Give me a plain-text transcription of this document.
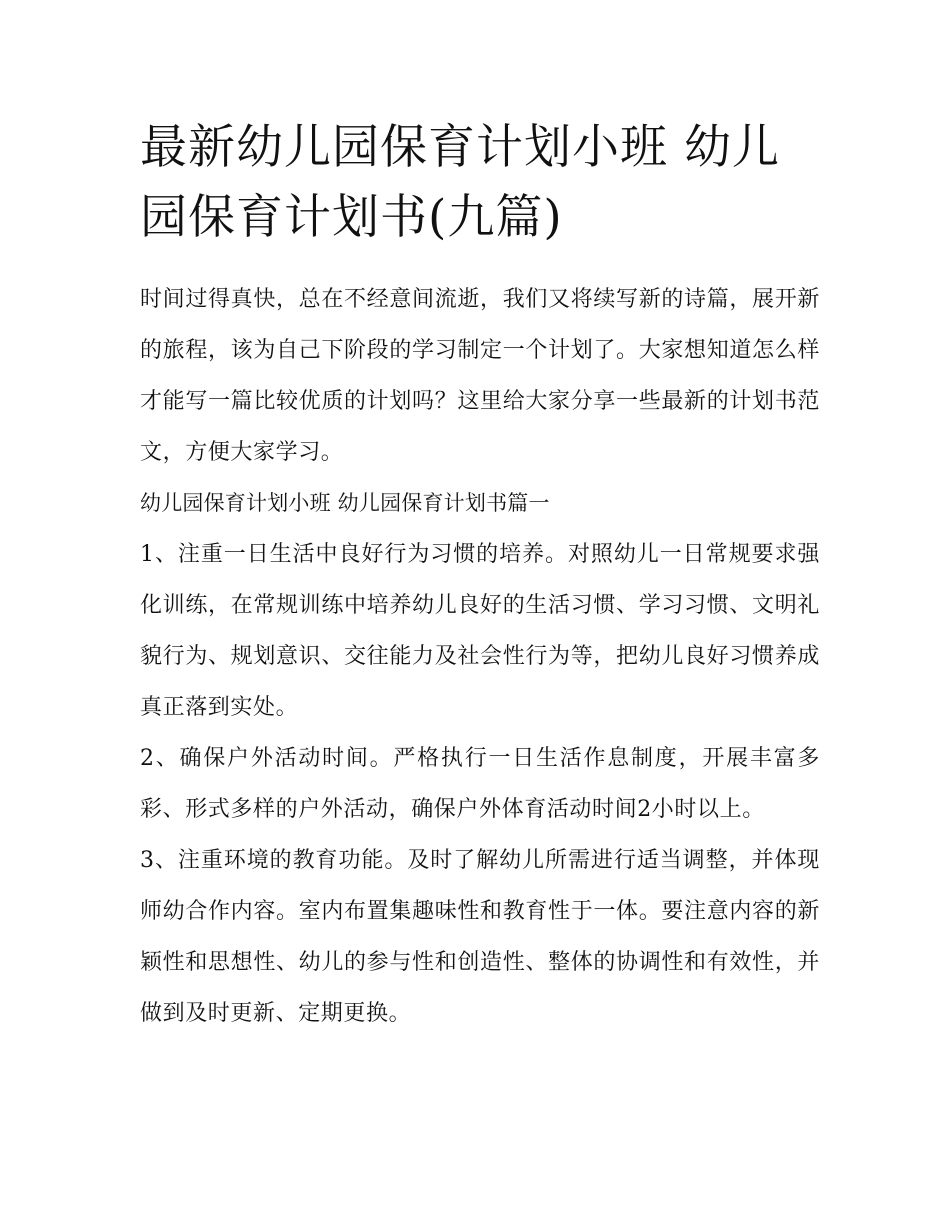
最新幼儿园保育计划小班 幼儿园保育计划书(九篇)

时间过得真快，总在不经意间流逝，我们又将续写新的诗篇，展开新的旅程，该为自己下阶段的学习制定一个计划了。大家想知道怎么样才能写一篇比较优质的计划吗？这里给大家分享一些最新的计划书范文，方便大家学习。

幼儿园保育计划小班 幼儿园保育计划书篇一

1、注重一日生活中良好行为习惯的培养。对照幼儿一日常规要求强化训练，在常规训练中培养幼儿良好的生活习惯、学习习惯、文明礼貌行为、规划意识、交往能力及社会性行为等，把幼儿良好习惯养成真正落到实处。

2、确保户外活动时间。严格执行一日生活作息制度，开展丰富多彩、形式多样的户外活动，确保户外体育活动时间2小时以上。

3、注重环境的教育功能。及时了解幼儿所需进行适当调整，并体现师幼合作内容。室内布置集趣味性和教育性于一体。要注意内容的新颖性和思想性、幼儿的参与性和创造性、整体的协调性和有效性，并做到及时更新、定期更换。
